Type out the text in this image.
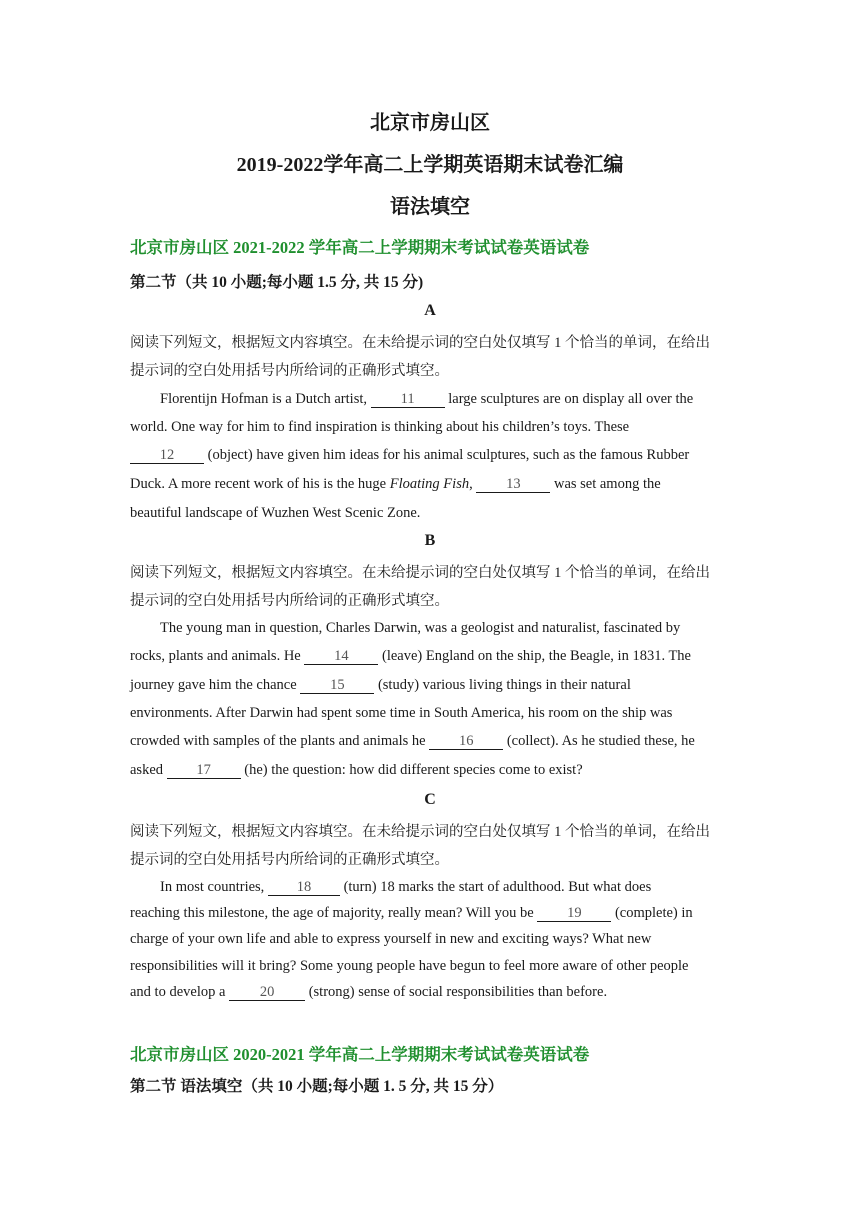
北京市房山区
2019-2022学年高二上学期英语期末试卷汇编
语法填空
北京市房山区 2021-2022 学年高二上学期期末考试试卷英语试卷
第二节（共 10 小题;每小题 1.5 分, 共 15 分)
A
阅读下列短文，根据短文内容填空。在未给提示词的空白处仅填写 1 个恰当的单词，在给出
提示词的空白处用括号内所给词的正确形式填空。
Florentijn Hofman is a Dutch artist, 11 large sculptures are on display all over the
world. One way for him to find inspiration is thinking about his children’s toys. These
12 (object) have given him ideas for his animal sculptures, such as the famous Rubber
Duck. A more recent work of his is the huge Floating Fish, 13 was set among the
beautiful landscape of Wuzhen West Scenic Zone.
B
阅读下列短文，根据短文内容填空。在未给提示词的空白处仅填写 1 个恰当的单词，在给出
提示词的空白处用括号内所给词的正确形式填空。
The young man in question, Charles Darwin, was a geologist and naturalist, fascinated by
rocks, plants and animals. He 14 (leave) England on the ship, the Beagle, in 1831. The
journey gave him the chance 15 (study) various living things in their natural
environments. After Darwin had spent some time in South America, his room on the ship was
crowded with samples of the plants and animals he 16 (collect). As he studied these, he
asked 17 (he) the question: how did different species come to exist?
C
阅读下列短文，根据短文内容填空。在未给提示词的空白处仅填写 1 个恰当的单词，在给出
提示词的空白处用括号内所给词的正确形式填空。
In most countries, 18 (turn) 18 marks the start of adulthood. But what does
reaching this milestone, the age of majority, really mean? Will you be 19 (complete) in
charge of your own life and able to express yourself in new and exciting ways? What new
responsibilities will it bring? Some young people have begun to feel more aware of other people
and to develop a 20 (strong) sense of social responsibilities than before.
北京市房山区 2020-2021 学年高二上学期期末考试试卷英语试卷
第二节 语法填空（共 10 小题;每小题 1. 5 分, 共 15 分）
